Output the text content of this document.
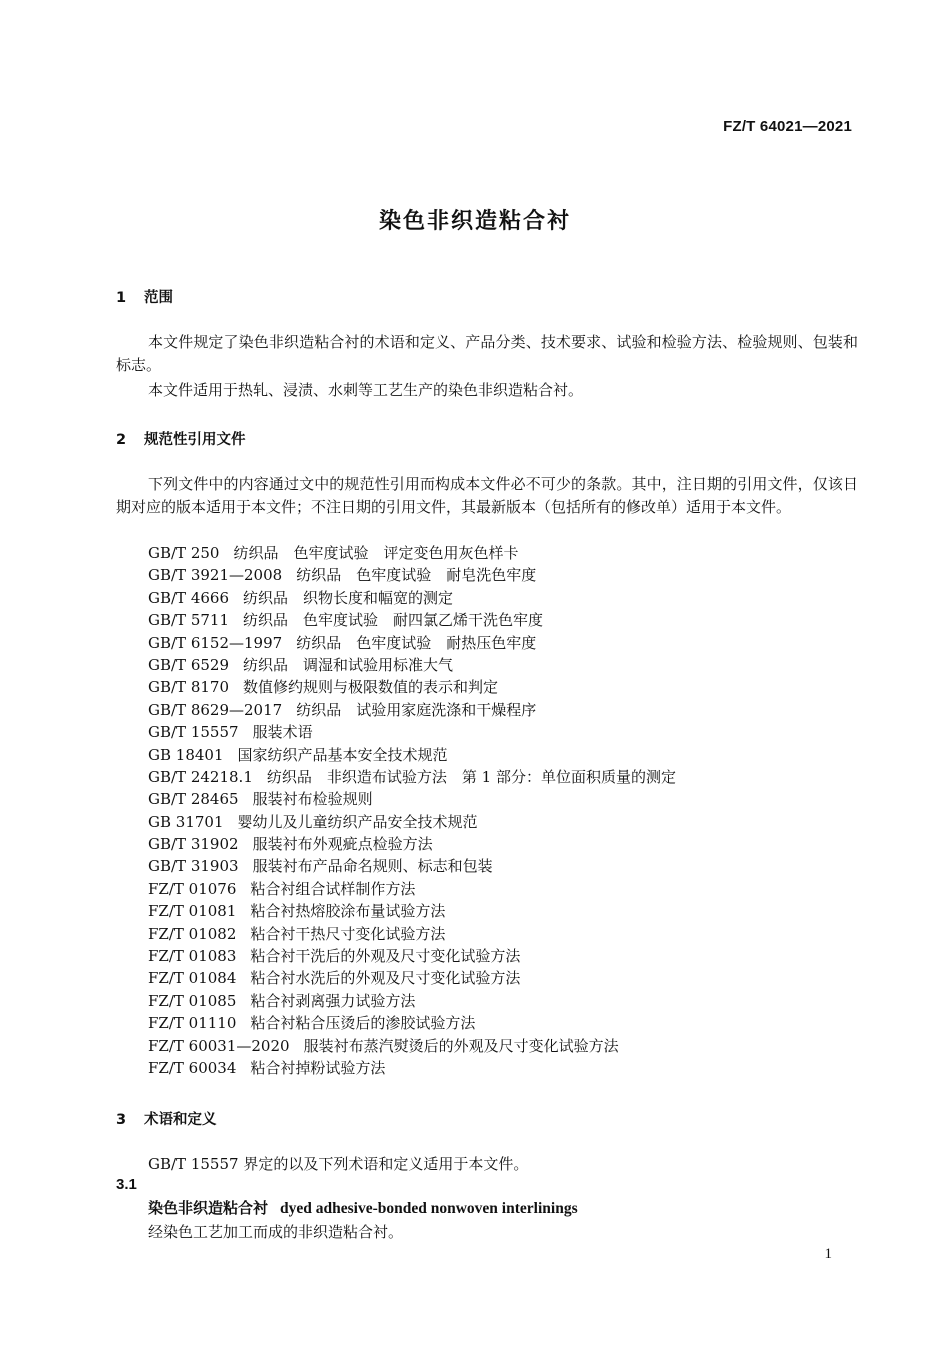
FZ/T 64021—2021
染色非织造粘合衬
1 范围
本文件规定了染色非织造粘合衬的术语和定义、产品分类、技术要求、试验和检验方法、检验规则、包装和标志。
本文件适用于热轧、浸渍、水刺等工艺生产的染色非织造粘合衬。
2 规范性引用文件
下列文件中的内容通过文中的规范性引用而构成本文件必不可少的条款。其中，注日期的引用文件，仅该日期对应的版本适用于本文件；不注日期的引用文件，其最新版本（包括所有的修改单）适用于本文件。
GB/T 250 纺织品　色牢度试验　评定变色用灰色样卡
GB/T 3921—2008 纺织品　色牢度试验　耐皂洗色牢度
GB/T 4666 纺织品　织物长度和幅宽的测定
GB/T 5711 纺织品　色牢度试验　耐四氯乙烯干洗色牢度
GB/T 6152—1997 纺织品　色牢度试验　耐热压色牢度
GB/T 6529 纺织品　调湿和试验用标准大气
GB/T 8170 数值修约规则与极限数值的表示和判定
GB/T 8629—2017 纺织品　试验用家庭洗涤和干燥程序
GB/T 15557 服装术语
GB 18401 国家纺织产品基本安全技术规范
GB/T 24218.1 纺织品　非织造布试验方法　第 1 部分：单位面积质量的测定
GB/T 28465 服装衬布检验规则
GB 31701 婴幼儿及儿童纺织产品安全技术规范
GB/T 31902 服装衬布外观疵点检验方法
GB/T 31903 服装衬布产品命名规则、标志和包装
FZ/T 01076 粘合衬组合试样制作方法
FZ/T 01081 粘合衬热熔胶涂布量试验方法
FZ/T 01082 粘合衬干热尺寸变化试验方法
FZ/T 01083 粘合衬干洗后的外观及尺寸变化试验方法
FZ/T 01084 粘合衬水洗后的外观及尺寸变化试验方法
FZ/T 01085 粘合衬剥离强力试验方法
FZ/T 01110 粘合衬粘合压烫后的渗胶试验方法
FZ/T 60031—2020 服装衬布蒸汽熨烫后的外观及尺寸变化试验方法
FZ/T 60034 粘合衬掉粉试验方法
3 术语和定义
GB/T 15557 界定的以及下列术语和定义适用于本文件。
3.1
染色非织造粘合衬 dyed adhesive-bonded nonwoven interlinings
经染色工艺加工而成的非织造粘合衬。
1
